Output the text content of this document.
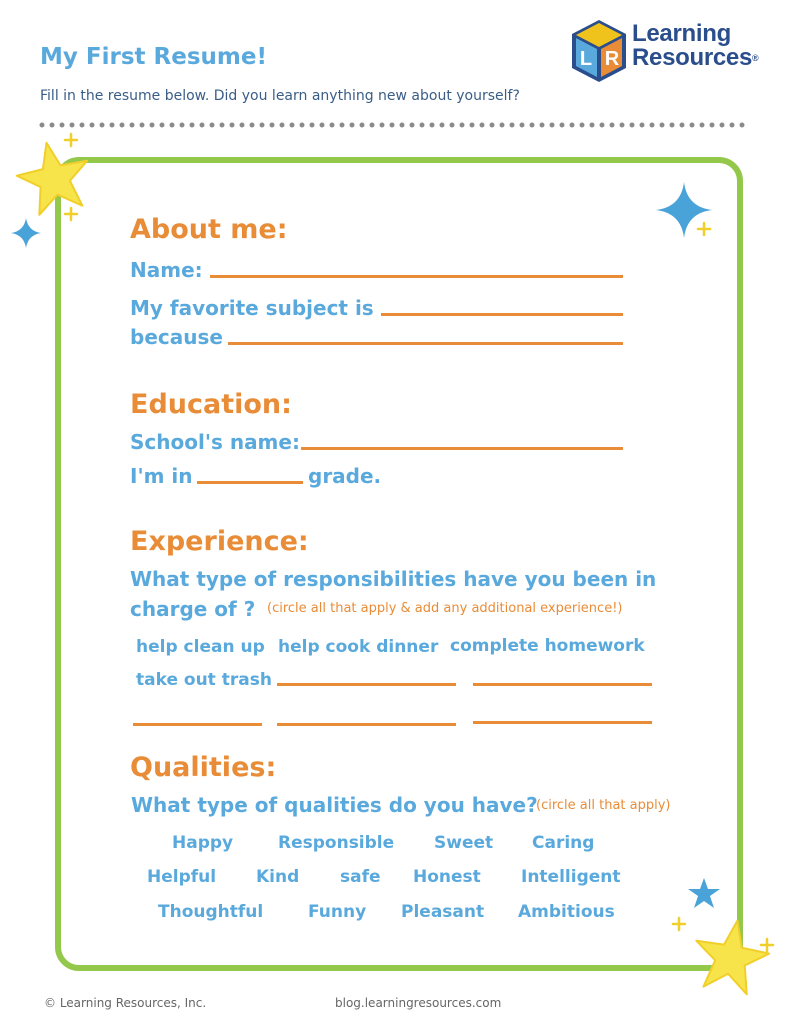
My First Resume!
Fill in the resume below. Did you learn anything new about yourself?
L R
Learning
Resources®
About me:
Name:
My favorite subject is
because
Education:
School's name:
I'm in	grade.
Experience:
What type of responsibilities have you been in
charge of ? (circle all that apply & add any additional experience!)
help clean up help cook dinner complete homework
take out trash
Qualities:
What type of qualities do you have?
(circle all that apply)
Happy	Responsible Sweet Caring
Helpful Kind safe Honest Intelligent
Thoughtful	Funny Pleasant Ambitious
© Learning Resources, Inc.	blog.learningresources.com
